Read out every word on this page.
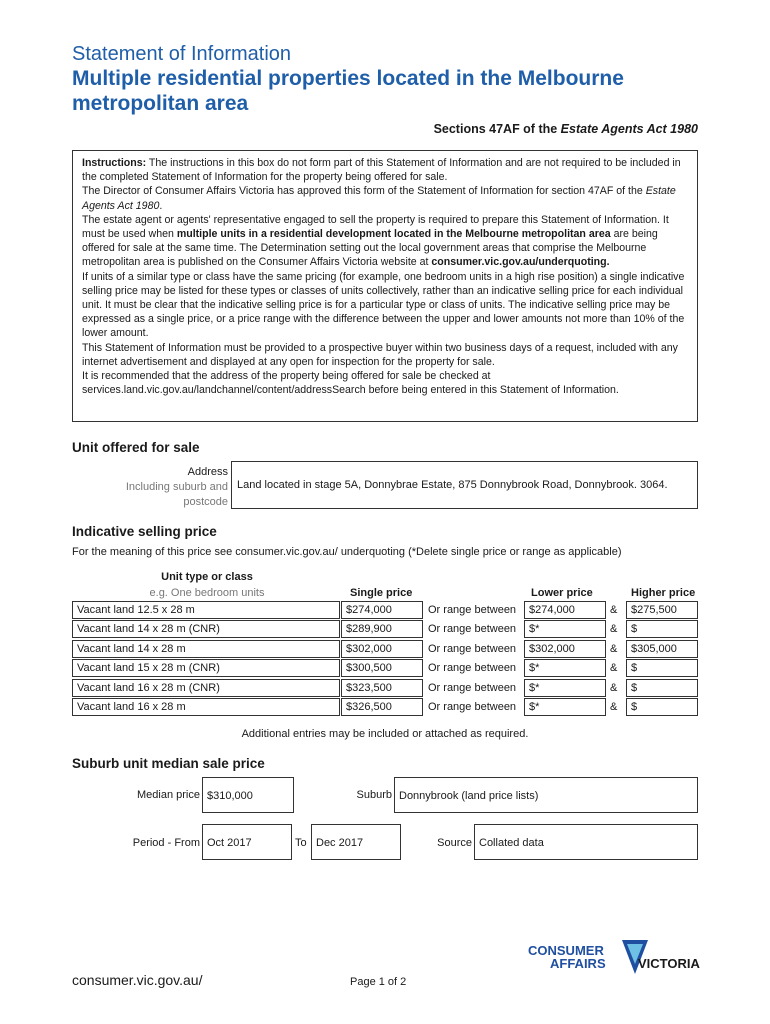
Statement of Information
Multiple residential properties located in the Melbourne metropolitan area
Sections 47AF of the Estate Agents Act 1980

Instructions: The instructions in this box do not form part of this Statement of Information and are not required to be included in the completed Statement of Information for the property being offered for sale.

The Director of Consumer Affairs Victoria has approved this form of the Statement of Information for section 47AF of the Estate Agents Act 1980.

The estate agent or agents' representative engaged to sell the property is required to prepare this Statement of Information. It must be used when multiple units in a residential development located in the Melbourne metropolitan area are being offered for sale at the same time. The Determination setting out the local government areas that comprise the Melbourne metropolitan area is published on the Consumer Affairs Victoria website at consumer.vic.gov.au/underquoting.

If units of a similar type or class have the same pricing (for example, one bedroom units in a high rise position) a single indicative selling price may be listed for these types or classes of units collectively, rather than an indicative selling price for each individual unit. It must be clear that the indicative selling price is for a particular type or class of units. The indicative selling price may be expressed as a single price, or a price range with the difference between the upper and lower amounts not more than 10% of the lower amount.

This Statement of Information must be provided to a prospective buyer within two business days of a request, included with any internet advertisement and displayed at any open for inspection for the property for sale.

It is recommended that the address of the property being offered for sale be checked at services.land.vic.gov.au/landchannel/content/addressSearch before being entered in this Statement of Information.

Unit offered for sale
Address
Including suburb and
postcode
Land located in stage 5A, Donnybrae Estate, 875 Donnybrook Road, Donnybrook. 3064.
Indicative selling price
For the meaning of this price see consumer.vic.gov.au/ underquoting (*Delete single price or range as applicable)
Unit type or class
e.g. One bedroom units	Single price	Lower price	Higher price
Vacant land 12.5 x 28 m	$274,000	Or range between	$274,000	&	$275,500
Vacant land 14 x 28 m (CNR)	$289,900	Or range between	$*	&	$
Vacant land 14 x 28 m	$302,000	Or range between	$302,000	&	$305,000
Vacant land 15 x 28 m (CNR)	$300,500	Or range between	$*	&	$
Vacant land 16 x 28 m (CNR)	$323,500	Or range between	$*	&	$
Vacant land 16 x 28 m	$326,500	Or range between	$*	&	$
Additional entries may be included or attached as required.
Suburb unit median sale price
Median price $310,000	Suburb Donnybrook (land price lists)
Period - From Oct 2017	To Dec 2017	Source Collated data
consumer.vic.gov.au/	Page 1 of 2
CONSUMER
AFFAIRS VICTORIA
